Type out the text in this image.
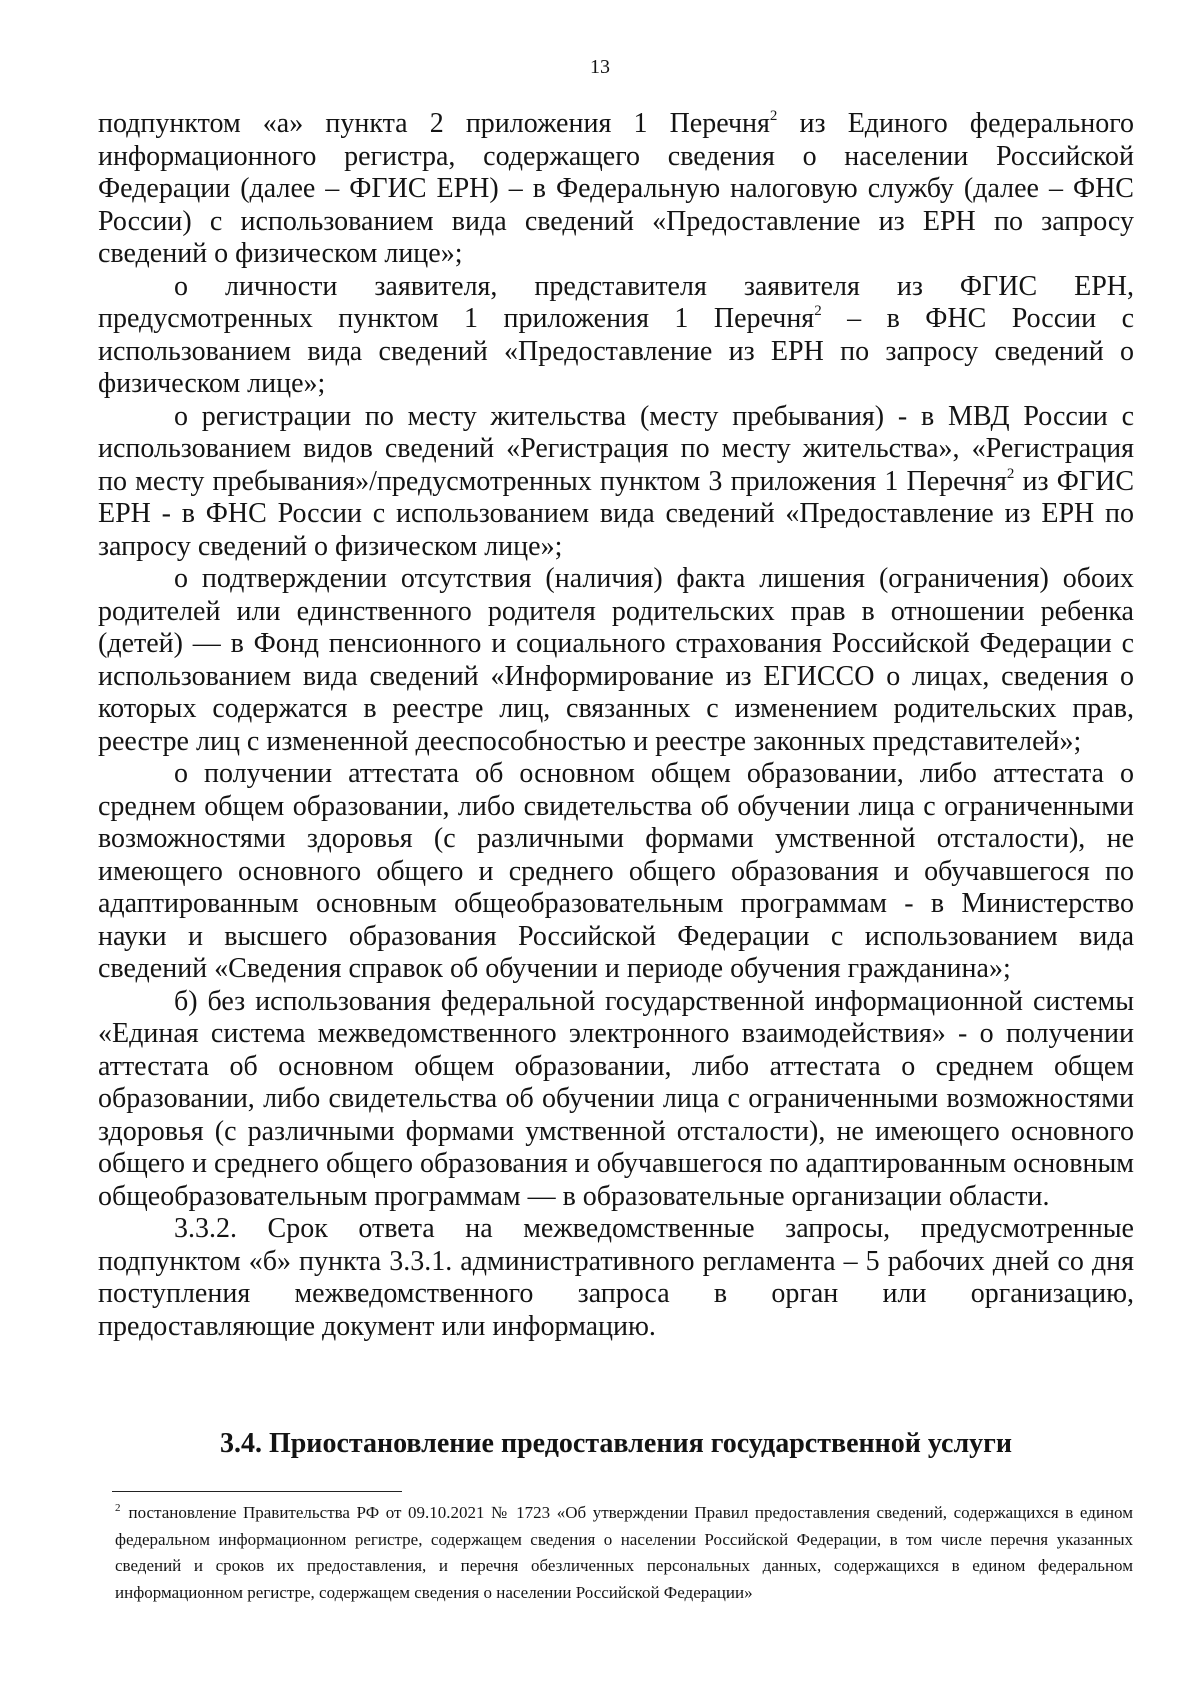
13

подпунктом «а» пункта 2 приложения 1 Перечня$^2$ из Единого федерального информационного регистра, содержащего сведения о населении Российской Федерации (далее – ФГИС ЕРН) – в Федеральную налоговую службу (далее – ФНС России) с использованием вида сведений «Предоставление из ЕРН по запросу сведений о физическом лице»;

о личности заявителя, представителя заявителя из ФГИС ЕРН, предусмотренных пунктом 1 приложения 1 Перечня$^2$ – в ФНС России с использованием вида сведений «Предоставление из ЕРН по запросу сведений о физическом лице»;

о регистрации по месту жительства (месту пребывания) - в МВД России с использованием видов сведений «Регистрация по месту жительства», «Регистрация по месту пребывания»/предусмотренных пунктом 3 приложения 1 Перечня$^2$ из ФГИС ЕРН - в ФНС России с использованием вида сведений «Предоставление из ЕРН по запросу сведений о физическом лице»;

о подтверждении отсутствия (наличия) факта лишения (ограничения) обоих родителей или единственного родителя родительских прав в отношении ребенка (детей) — в Фонд пенсионного и социального страхования Российской Федерации с использованием вида сведений «Информирование из ЕГИССО о лицах, сведения о которых содержатся в реестре лиц, связанных с изменением родительских прав, реестре лиц с измененной дееспособностью и реестре законных представителей»;

о получении аттестата об основном общем образовании, либо аттестата о среднем общем образовании, либо свидетельства об обучении лица с ограниченными возможностями здоровья (с различными формами умственной отсталости), не имеющего основного общего и среднего общего образования и обучавшегося по адаптированным основным общеобразовательным программам - в Министерство науки и высшего образования Российской Федерации с использованием вида сведений «Сведения справок об обучении и периоде обучения гражданина»;

б) без использования федеральной государственной информационной системы «Единая система межведомственного электронного взаимодействия» - о получении аттестата об основном общем образовании, либо аттестата о среднем общем образовании, либо свидетельства об обучении лица с ограниченными возможностями здоровья (с различными формами умственной отсталости), не имеющего основного общего и среднего общего образования и обучавшегося по адаптированным основным общеобразовательным программам — в образовательные организации области.

3.3.2. Срок ответа на межведомственные запросы, предусмотренные подпунктом «б» пункта 3.3.1. административного регламента – 5 рабочих дней со дня поступления межведомственного запроса в орган или организацию, предоставляющие документ или информацию.

3.4. Приостановление предоставления государственной услуги
$^2$ постановление Правительства РФ от 09.10.2021 № 1723 «Об утверждении Правил предоставления сведений, содержащихся в едином федеральном информационном регистре, содержащем сведения о населении Российской Федерации, в том числе перечня указанных сведений и сроков их предоставления, и перечня обезличенных персональных данных, содержащихся в едином федеральном информационном регистре, содержащем сведения о населении Российской Федерации»
